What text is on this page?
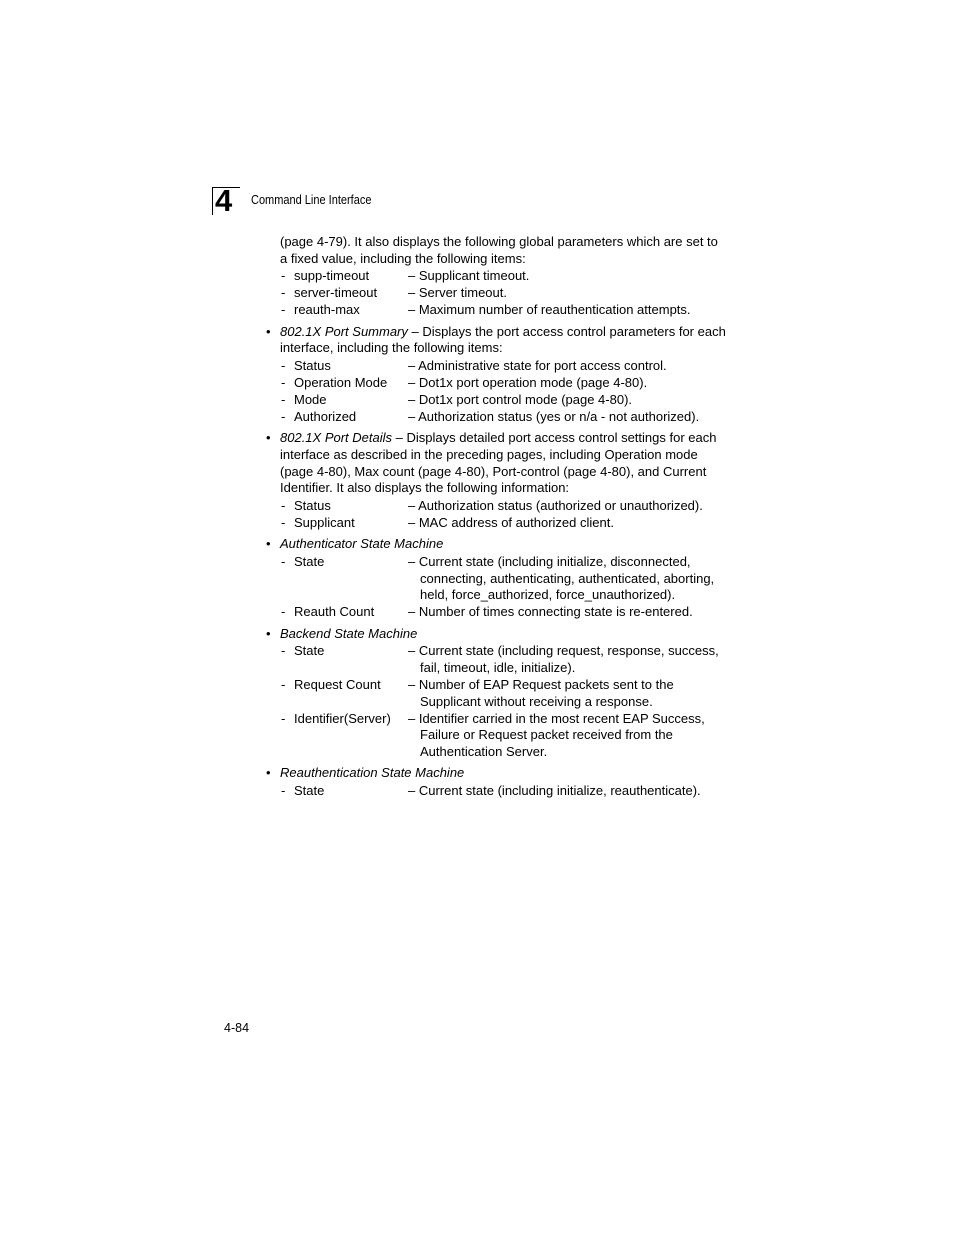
4 Command Line Interface
(page 4-79). It also displays the following global parameters which are set to a fixed value, including the following items:
- supp-timeout	– Supplicant timeout.
- server-timeout – Server timeout.
- reauth-max	– Maximum number of reauthentication attempts.
• 802.1X Port Summary – Displays the port access control parameters for each interface, including the following items:
- Status	– Administrative state for port access control.
- Operation Mode – Dot1x port operation mode (page 4-80).
- Mode	– Dot1x port control mode (page 4-80).
- Authorized	– Authorization status (yes or n/a - not authorized).
• 802.1X Port Details – Displays detailed port access control settings for each interface as described in the preceding pages, including Operation mode (page 4-80), Max count (page 4-80), Port-control (page 4-80), and Current Identifier. It also displays the following information:
- Status	– Authorization status (authorized or unauthorized).
- Supplicant	– MAC address of authorized client.
• Authenticator State Machine
- State	– Current state (including initialize, disconnected, connecting, authenticating, authenticated, aborting, held, force_authorized, force_unauthorized).
- Reauth Count	– Number of times connecting state is re-entered.
• Backend State Machine
- State	– Current state (including request, response, success, fail, timeout, idle, initialize).
- Request Count – Number of EAP Request packets sent to the Supplicant without receiving a response.
- Identifier(Server) – Identifier carried in the most recent EAP Success, Failure or Request packet received from the Authentication Server.
• Reauthentication State Machine
- State	– Current state (including initialize, reauthenticate).
4-84
